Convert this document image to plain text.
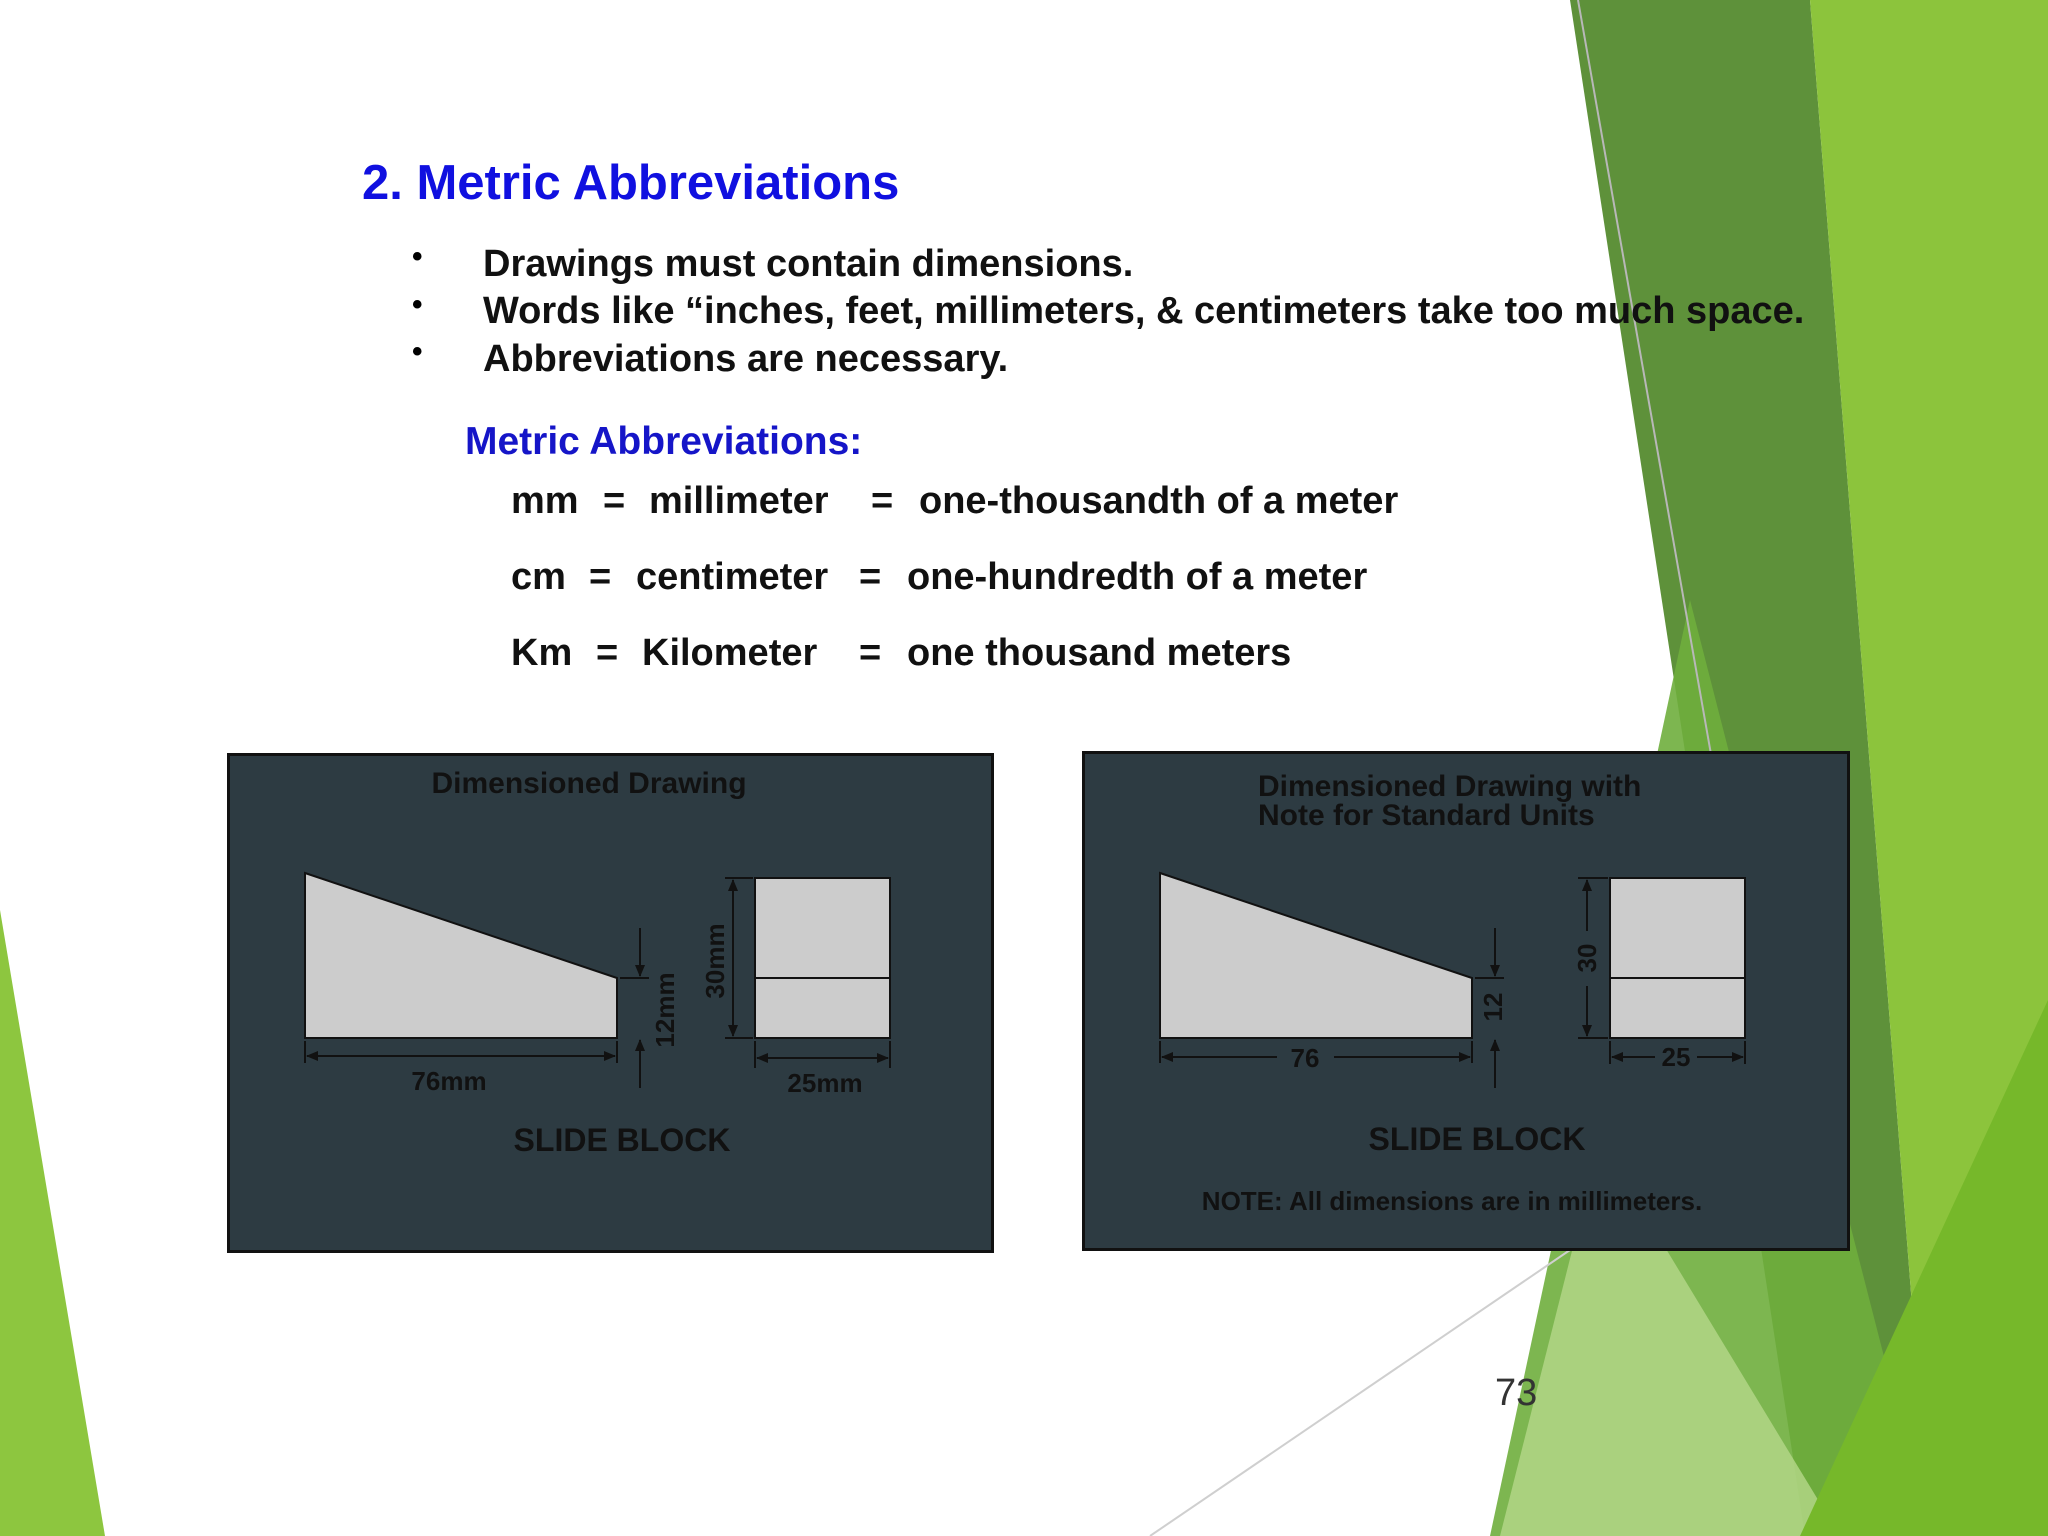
2. Metric Abbreviations
• Drawings must contain dimensions.
• Words like “inches, feet, millimeters, & centimeters take too much space.
• Abbreviations are necessary.
Metric Abbreviations:
mm = millimeter = one-thousandth of a meter
cm = centimeter = one-hundredth of a meter
Km = Kilometer = one thousand meters
Dimensioned Drawing
76mm
12mm
30mm
25mm
SLIDE BLOCK
Dimensioned Drawing with
Note for Standard Units
76
12
30
25
SLIDE BLOCK
NOTE: All dimensions are in millimeters.
73
